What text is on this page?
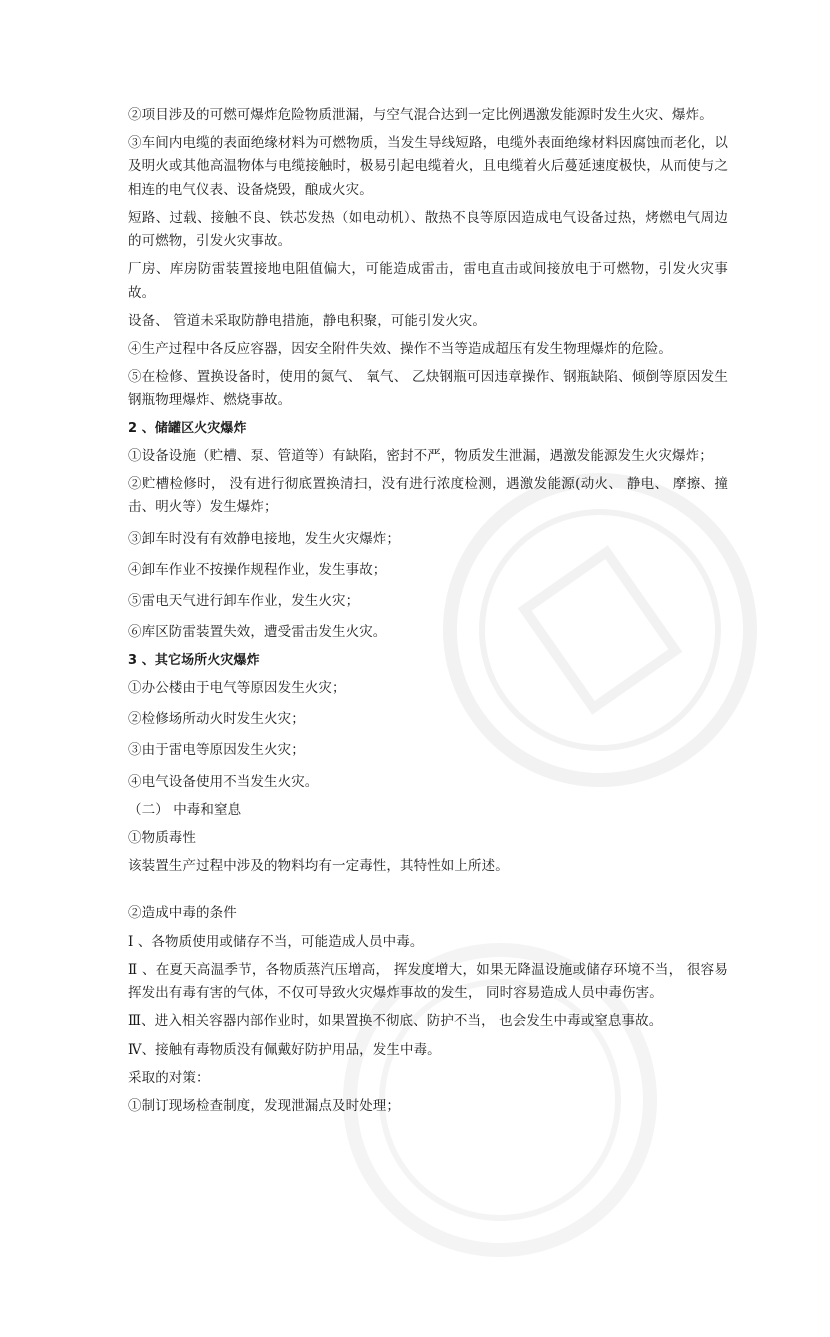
②项目涉及的可燃可爆炸危险物质泄漏，与空气混合达到一定比例遇激发能源时发生火灾、爆炸。

③车间内电缆的表面绝缘材料为可燃物质，当发生导线短路，电缆外表面绝缘材料因腐蚀而老化，以及明火或其他高温物体与电缆接触时，极易引起电缆着火，且电缆着火后蔓延速度极快，从而使与之相连的电气仪表、设备烧毁，酿成火灾。

短路、过载、接触不良、铁芯发热（如电动机）、散热不良等原因造成电气设备过热，烤燃电气周边的可燃物，引发火灾事故。

厂房、库房防雷装置接地电阻值偏大，可能造成雷击，雷电直击或间接放电于可燃物，引发火灾事故。

设备、 管道未采取防静电措施，静电积聚，可能引发火灾。

④生产过程中各反应容器，因安全附件失效、操作不当等造成超压有发生物理爆炸的危险。

⑤在检修、置换设备时，使用的氮气、 氧气、 乙炔钢瓶可因违章操作、钢瓶缺陷、倾倒等原因发生钢瓶物理爆炸、燃烧事故。

2 、储罐区火灾爆炸

①设备设施（贮槽、泵、管道等）有缺陷，密封不严，物质发生泄漏，遇激发能源发生火灾爆炸；

②贮槽检修时， 没有进行彻底置换清扫，没有进行浓度检测，遇激发能源(动火、 静电、 摩擦、撞击、明火等）发生爆炸；

③卸车时没有有效静电接地，发生火灾爆炸；

④卸车作业不按操作规程作业，发生事故；

⑤雷电天气进行卸车作业，发生火灾；

⑥库区防雷装置失效，遭受雷击发生火灾。

3 、其它场所火灾爆炸

①办公楼由于电气等原因发生火灾；

②检修场所动火时发生火灾；

③由于雷电等原因发生火灾；

④电气设备使用不当发生火灾。

（二） 中毒和窒息

①物质毒性

该装置生产过程中涉及的物料均有一定毒性，其特性如上所述。

②造成中毒的条件

Ⅰ 、各物质使用或储存不当，可能造成人员中毒。

Ⅱ 、在夏天高温季节，各物质蒸汽压增高， 挥发度增大，如果无降温设施或储存环境不当， 很容易挥发出有毒有害的气体，不仅可导致火灾爆炸事故的发生， 同时容易造成人员中毒伤害。

Ⅲ、进入相关容器内部作业时，如果置换不彻底、防护不当， 也会发生中毒或窒息事故。

Ⅳ、接触有毒物质没有佩戴好防护用品，发生中毒。

采取的对策：

①制订现场检查制度，发现泄漏点及时处理；
